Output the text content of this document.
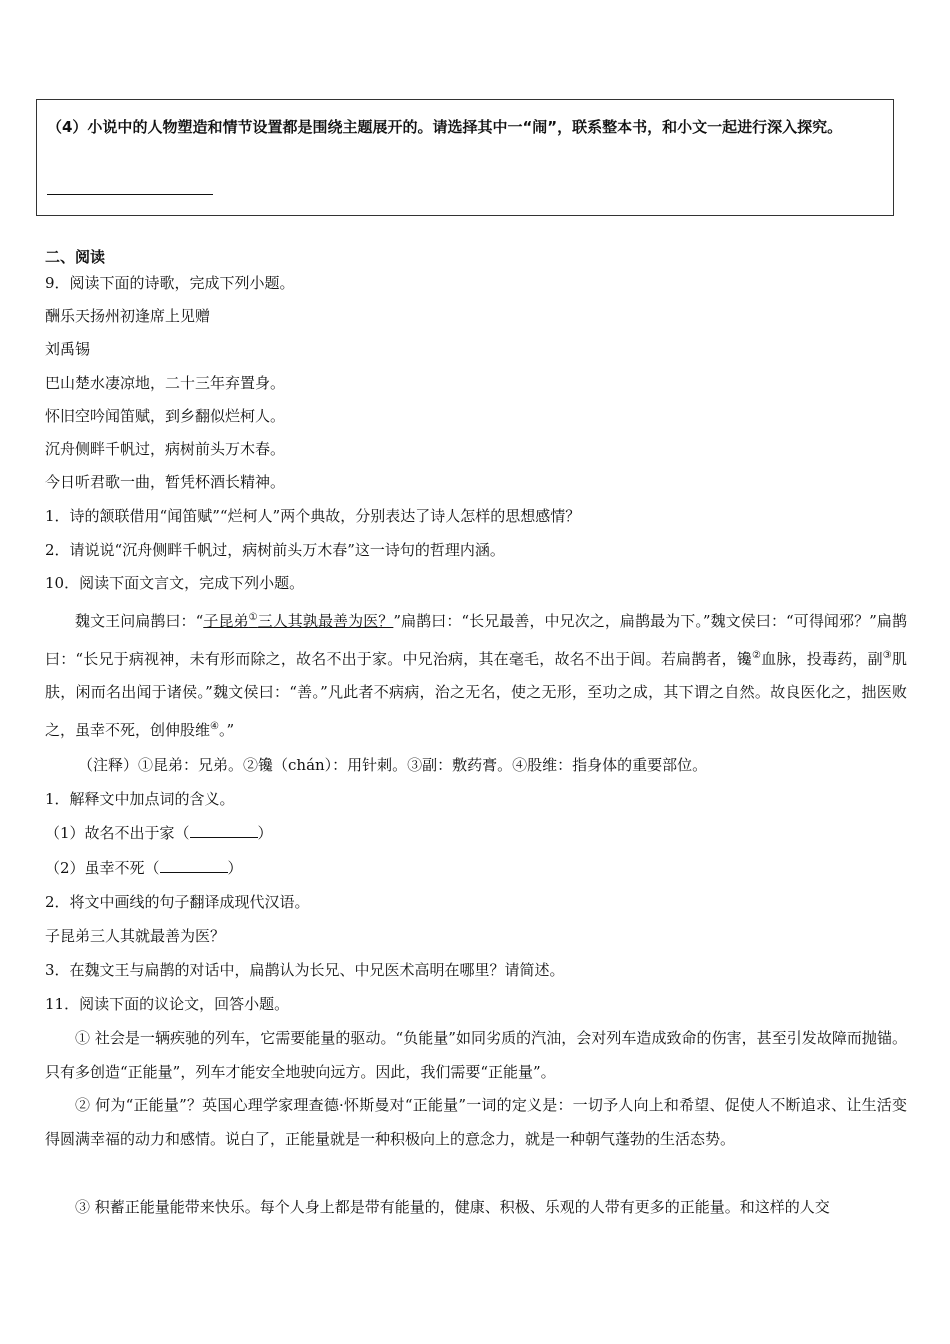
（4）小说中的人物塑造和情节设置都是围绕主题展开的。请选择其中一“闹”，联系整本书，和小文一起进行深入探究。
二、阅读
9．阅读下面的诗歌，完成下列小题。
酬乐天扬州初逢席上见赠
刘禹锡
巴山楚水凄凉地，二十三年弃置身。
怀旧空吟闻笛赋，到乡翻似烂柯人。
沉舟侧畔千帆过，病树前头万木春。
今日听君歌一曲，暂凭杯酒长精神。
1．诗的颔联借用“闻笛赋”“烂柯人”两个典故，分别表达了诗人怎样的思想感情？
2．请说说“沉舟侧畔千帆过，病树前头万木春”这一诗句的哲理内涵。
10．阅读下面文言文，完成下列小题。
魏文王问扁鹊曰：“子昆弟①三人其孰最善为医？”扁鹊曰：“长兄最善，中兄次之，扁鹊最为下。”魏文侯曰：“可得闻邪？”扁鹊曰：“长兄于病视神，未有形而除之，故名不出于家。中兄治病，其在毫毛，故名不出于闾。若扁鹊者，镵②血脉，投毒药，副③肌肤，闲而名出闻于诸侯。”魏文侯曰：“善。”凡此者不病病，治之无名，使之无形，至功之成，其下谓之自然。故良医化之，拙医败之，虽幸不死，创伸股维④。”
（注释）①昆弟：兄弟。②镵（chán）：用针刺。③副：敷药膏。④股维：指身体的重要部位。
1．解释文中加点词的含义。
（1）故名不出于家（	）
（2）虽幸不死（	）
2．将文中画线的句子翻译成现代汉语。
子昆弟三人其就最善为医？
3．在魏文王与扁鹊的对话中，扁鹊认为长兄、中兄医术高明在哪里？请简述。
11．阅读下面的议论文，回答小题。
① 社会是一辆疾驰的列车，它需要能量的驱动。“负能量”如同劣质的汽油，会对列车造成致命的伤害，甚至引发故障而抛锚。只有多创造“正能量”，列车才能安全地驶向远方。因此，我们需要“正能量”。
② 何为“正能量”？英国心理学家理查德·怀斯曼对“正能量”一词的定义是：一切予人向上和希望、促使人不断追求、让生活变得圆满幸福的动力和感情。说白了，正能量就是一种积极向上的意念力，就是一种朝气蓬勃的生活态势。
③ 积蓄正能量能带来快乐。每个人身上都是带有能量的，健康、积极、乐观的人带有更多的正能量。和这样的人交
